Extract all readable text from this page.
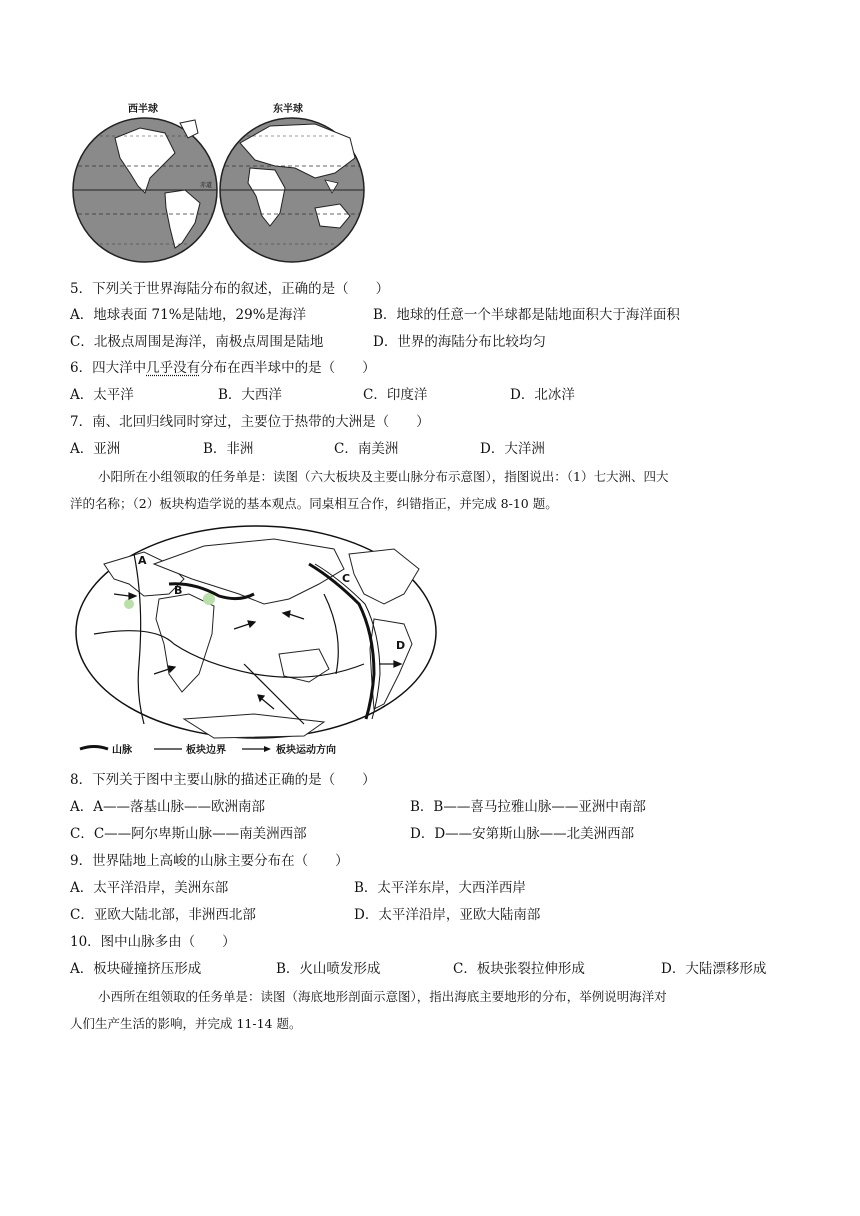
西半球	东半球
赤道
5．下列关于世界海陆分布的叙述，正确的是（　　）
A．地球表面 71%是陆地，29%是海洋	B．地球的任意一个半球都是陆地面积大于海洋面积
C．北极点周围是海洋，南极点周围是陆地	D．世界的海陆分布比较均匀
6．四大洋中几乎没有分布在西半球中的是（　　）
A．太平洋	B．大西洋	C．印度洋	D．北冰洋
7．南、北回归线同时穿过，主要位于热带的大洲是（　　）
A．亚洲	B．非洲	C．南美洲	D．大洋洲
小阳所在小组领取的任务单是：读图（六大板块及主要山脉分布示意图），指图说出：（1）七大洲、四大
洋的名称；（2）板块构造学说的基本观点。同桌相互合作，纠错指正，并完成 8-10 题。
A
B
C
D
山脉	板块边界	板块运动方向
8．下列关于图中主要山脉的描述正确的是（　　）
A．A——落基山脉——欧洲南部	B．B——喜马拉雅山脉——亚洲中南部
C．C——阿尔卑斯山脉——南美洲西部	D．D——安第斯山脉——北美洲西部
9．世界陆地上高峻的山脉主要分布在（　　）
A．太平洋沿岸，美洲东部	B．太平洋东岸，大西洋西岸
C．亚欧大陆北部，非洲西北部	D．太平洋沿岸，亚欧大陆南部
10．图中山脉多由（　　）
A．板块碰撞挤压形成	B．火山喷发形成	C．板块张裂拉伸形成	D．大陆漂移形成
小西所在组领取的任务单是：读图（海底地形剖面示意图），指出海底主要地形的分布，举例说明海洋对
人们生产生活的影响，并完成 11-14 题。
